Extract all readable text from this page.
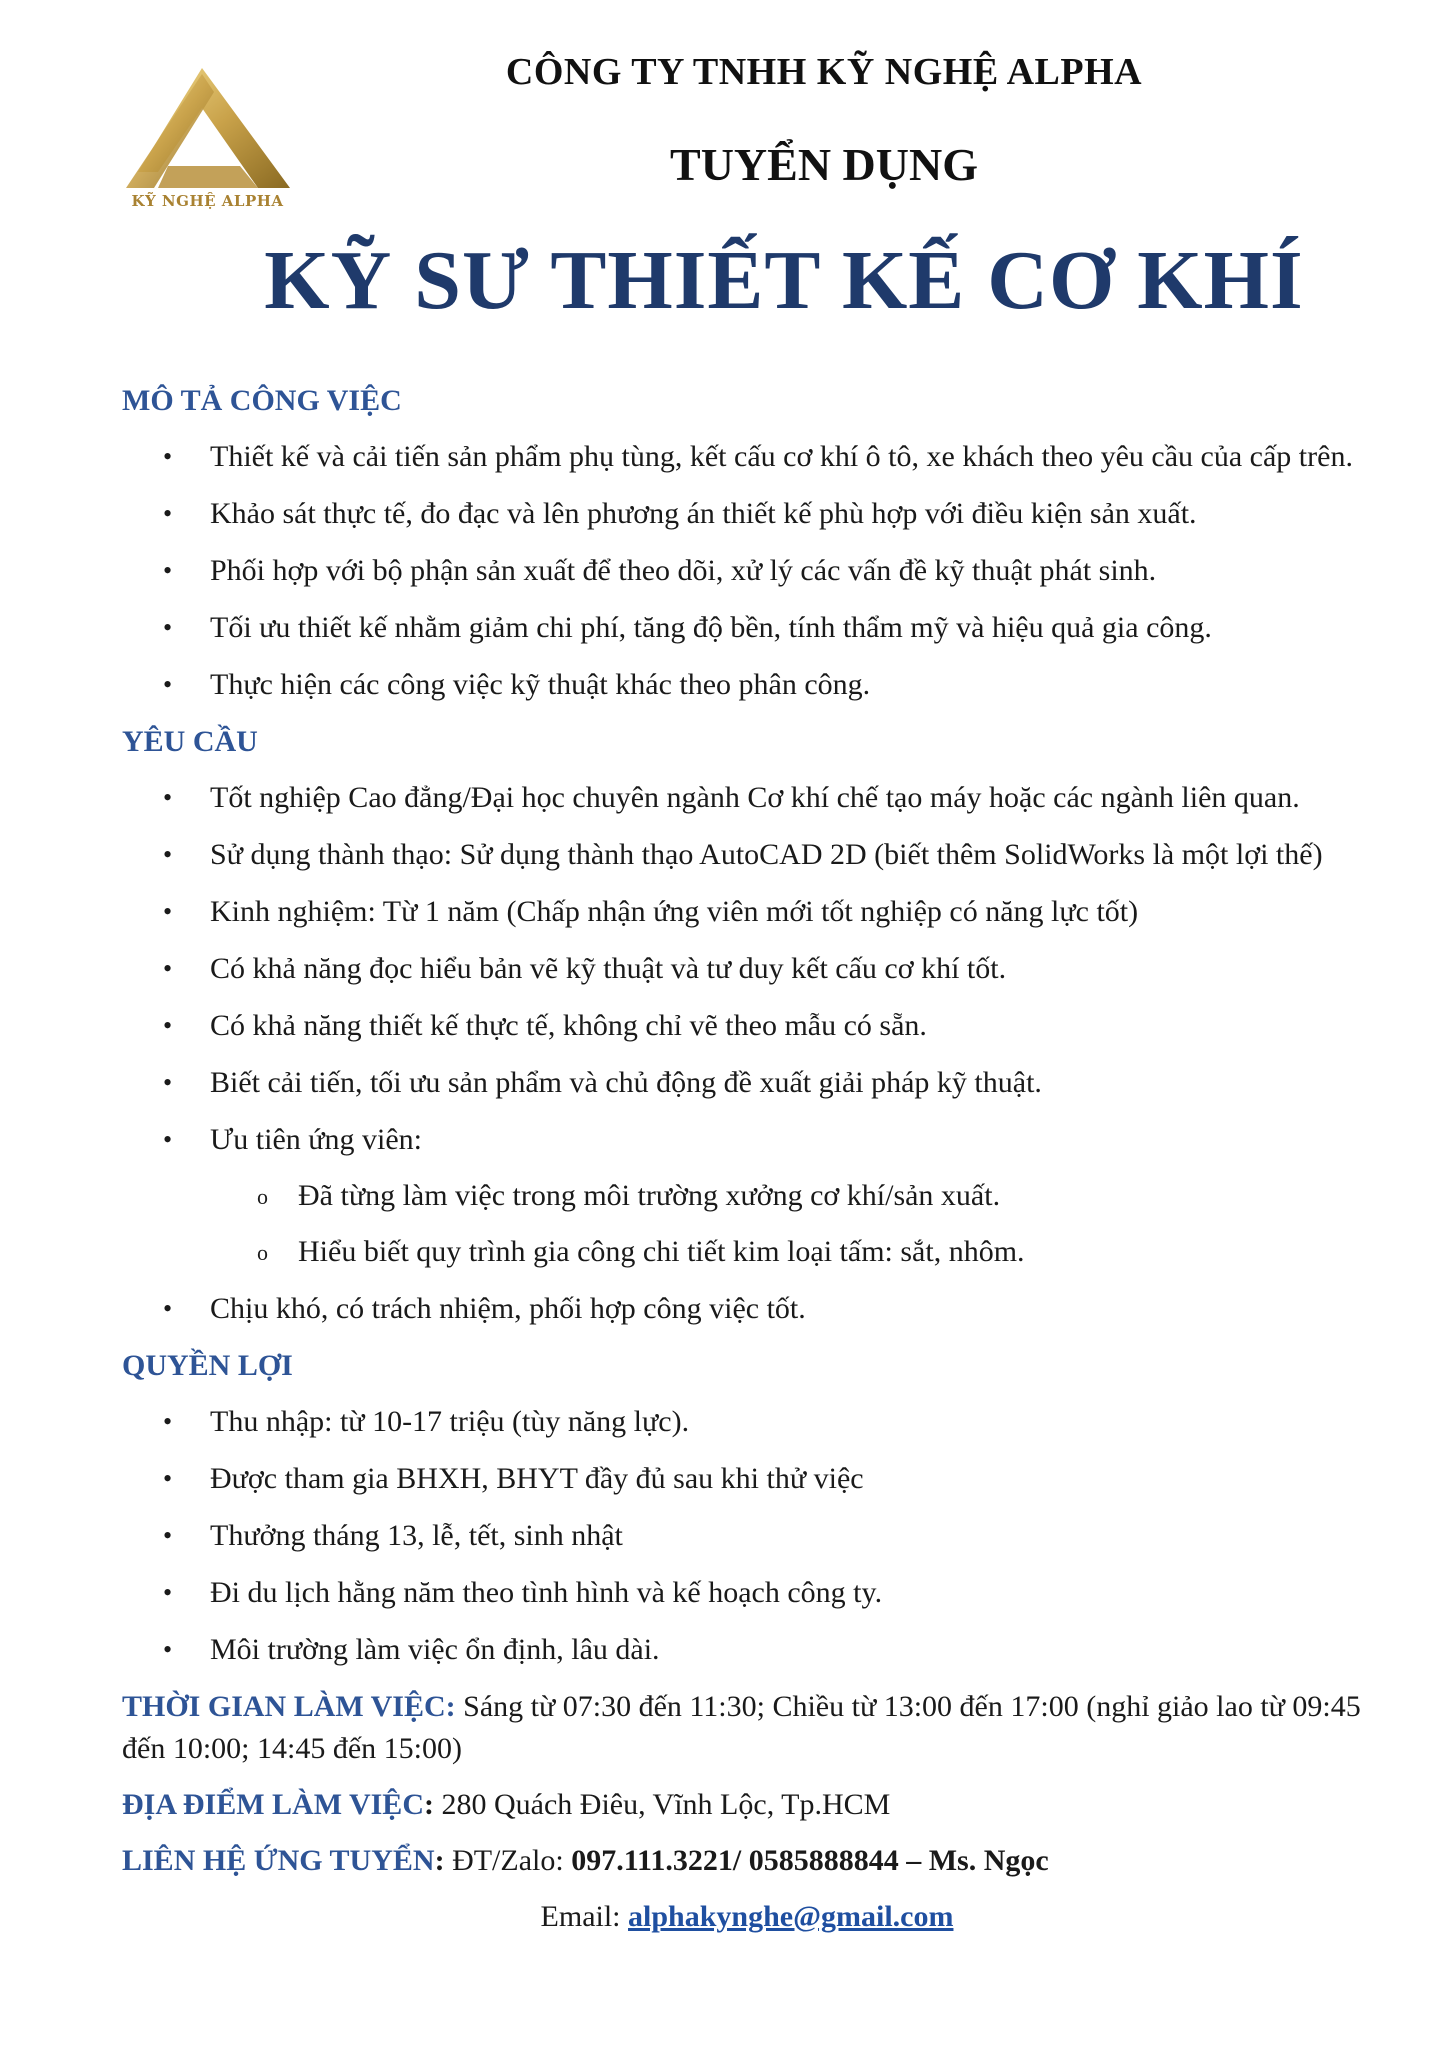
KỸ NGHỆ ALPHA
CÔNG TY TNHH KỸ NGHỆ ALPHA
TUYỂN DỤNG
KỸ SƯ THIẾT KẾ CƠ KHÍ
MÔ TẢ CÔNG VIỆC
• Thiết kế và cải tiến sản phẩm phụ tùng, kết cấu cơ khí ô tô, xe khách theo yêu cầu của cấp trên.
• Khảo sát thực tế, đo đạc và lên phương án thiết kế phù hợp với điều kiện sản xuất.
• Phối hợp với bộ phận sản xuất để theo dõi, xử lý các vấn đề kỹ thuật phát sinh.
• Tối ưu thiết kế nhằm giảm chi phí, tăng độ bền, tính thẩm mỹ và hiệu quả gia công.
• Thực hiện các công việc kỹ thuật khác theo phân công.
YÊU CẦU
• Tốt nghiệp Cao đẳng/Đại học chuyên ngành Cơ khí chế tạo máy hoặc các ngành liên quan.
• Sử dụng thành thạo: Sử dụng thành thạo AutoCAD 2D (biết thêm SolidWorks là một lợi thế)
• Kinh nghiệm: Từ 1 năm (Chấp nhận ứng viên mới tốt nghiệp có năng lực tốt)
• Có khả năng đọc hiểu bản vẽ kỹ thuật và tư duy kết cấu cơ khí tốt.
• Có khả năng thiết kế thực tế, không chỉ vẽ theo mẫu có sẵn.
• Biết cải tiến, tối ưu sản phẩm và chủ động đề xuất giải pháp kỹ thuật.
• Ưu tiên ứng viên:
o Đã từng làm việc trong môi trường xưởng cơ khí/sản xuất.
o Hiểu biết quy trình gia công chi tiết kim loại tấm: sắt, nhôm.
• Chịu khó, có trách nhiệm, phối hợp công việc tốt.
QUYỀN LỢI
• Thu nhập: từ 10-17 triệu (tùy năng lực).
• Được tham gia BHXH, BHYT đầy đủ sau khi thử việc
• Thưởng tháng 13, lễ, tết, sinh nhật
• Đi du lịch hằng năm theo tình hình và kế hoạch công ty.
• Môi trường làm việc ổn định, lâu dài.
THỜI GIAN LÀM VIỆC: Sáng từ 07:30 đến 11:30; Chiều từ 13:00 đến 17:00 (nghỉ giảo lao từ 09:45 đến 10:00; 14:45 đến 15:00)
ĐỊA ĐIỂM LÀM VIỆC: 280 Quách Điêu, Vĩnh Lộc, Tp.HCM
LIÊN HỆ ỨNG TUYỂN: ĐT/Zalo: 097.111.3221/ 0585888844 – Ms. Ngọc
Email: alphakynghe@gmail.com
